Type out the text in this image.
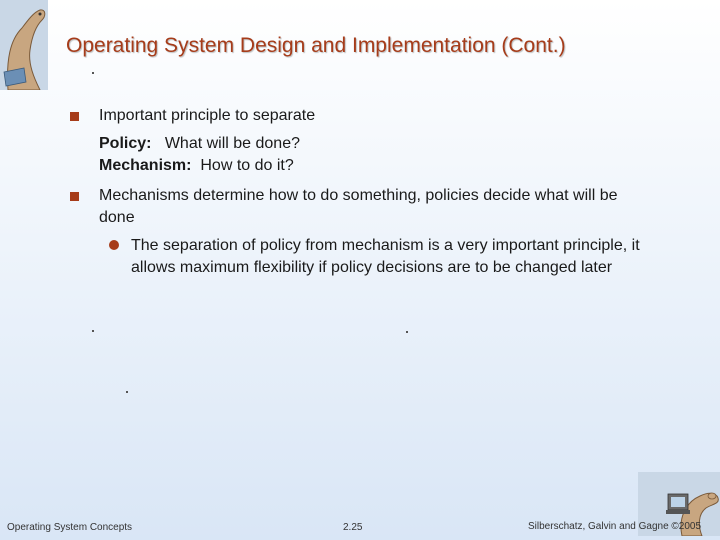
Operating System Design and Implementation (Cont.)
Important principle to separate
Policy: What will be done?
Mechanism: How to do it?
Mechanisms determine how to do something, policies decide what will be done
The separation of policy from mechanism is a very important principle, it allows maximum flexibility if policy decisions are to be changed later
Operating System Concepts	2.25	Silberschatz, Galvin and Gagne ©2005
